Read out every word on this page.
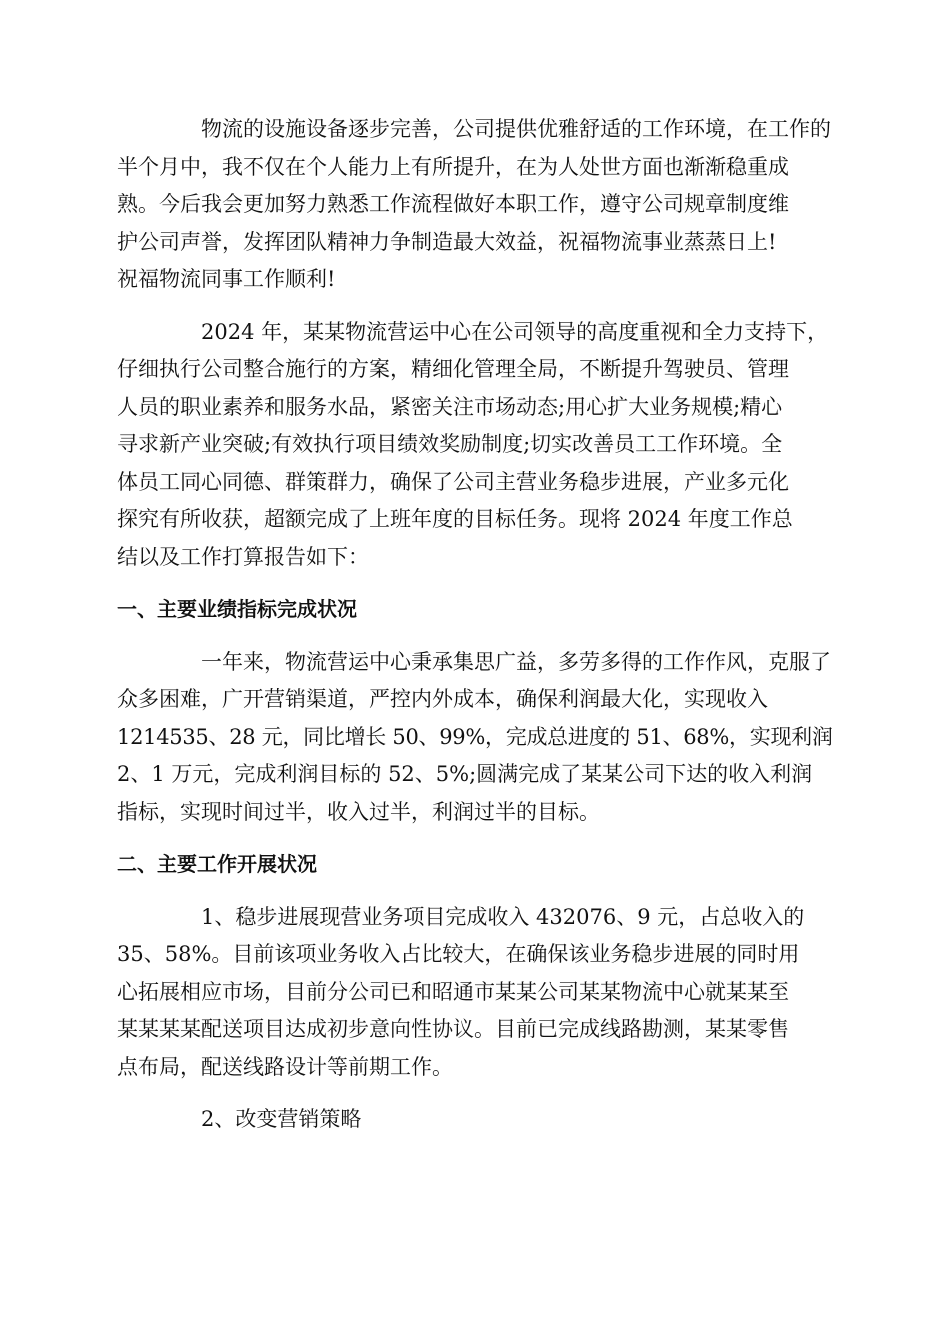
物流的设施设备逐步完善，公司提供优雅舒适的工作环境，在工作的
半个月中，我不仅在个人能力上有所提升，在为人处世方面也渐渐稳重成
熟。今后我会更加努力熟悉工作流程做好本职工作，遵守公司规章制度维
护公司声誉，发挥团队精神力争制造最大效益，祝福物流事业蒸蒸日上!
祝福物流同事工作顺利!
2024 年，某某物流营运中心在公司领导的高度重视和全力支持下，
仔细执行公司整合施行的方案，精细化管理全局，不断提升驾驶员、管理
人员的职业素养和服务水品，紧密关注市场动态;用心扩大业务规模;精心
寻求新产业突破;有效执行项目绩效奖励制度;切实改善员工工作环境。全
体员工同心同德、群策群力，确保了公司主营业务稳步进展，产业多元化
探究有所收获，超额完成了上班年度的目标任务。现将 2024 年度工作总
结以及工作打算报告如下：
一、主要业绩指标完成状况
一年来，物流营运中心秉承集思广益，多劳多得的工作作风，克服了
众多困难，广开营销渠道，严控内外成本，确保利润最大化，实现收入
1214535、28 元，同比增长 50、99%，完成总进度的 51、68%，实现利润
2、1 万元，完成利润目标的 52、5%;圆满完成了某某公司下达的收入利润
指标，实现时间过半，收入过半，利润过半的目标。
二、主要工作开展状况
1、稳步进展现营业务项目完成收入 432076、9 元，占总收入的
35、58%。目前该项业务收入占比较大，在确保该业务稳步进展的同时用
心拓展相应市场，目前分公司已和昭通市某某公司某某物流中心就某某至
某某某某配送项目达成初步意向性协议。目前已完成线路勘测，某某零售
点布局，配送线路设计等前期工作。
2、改变营销策略
